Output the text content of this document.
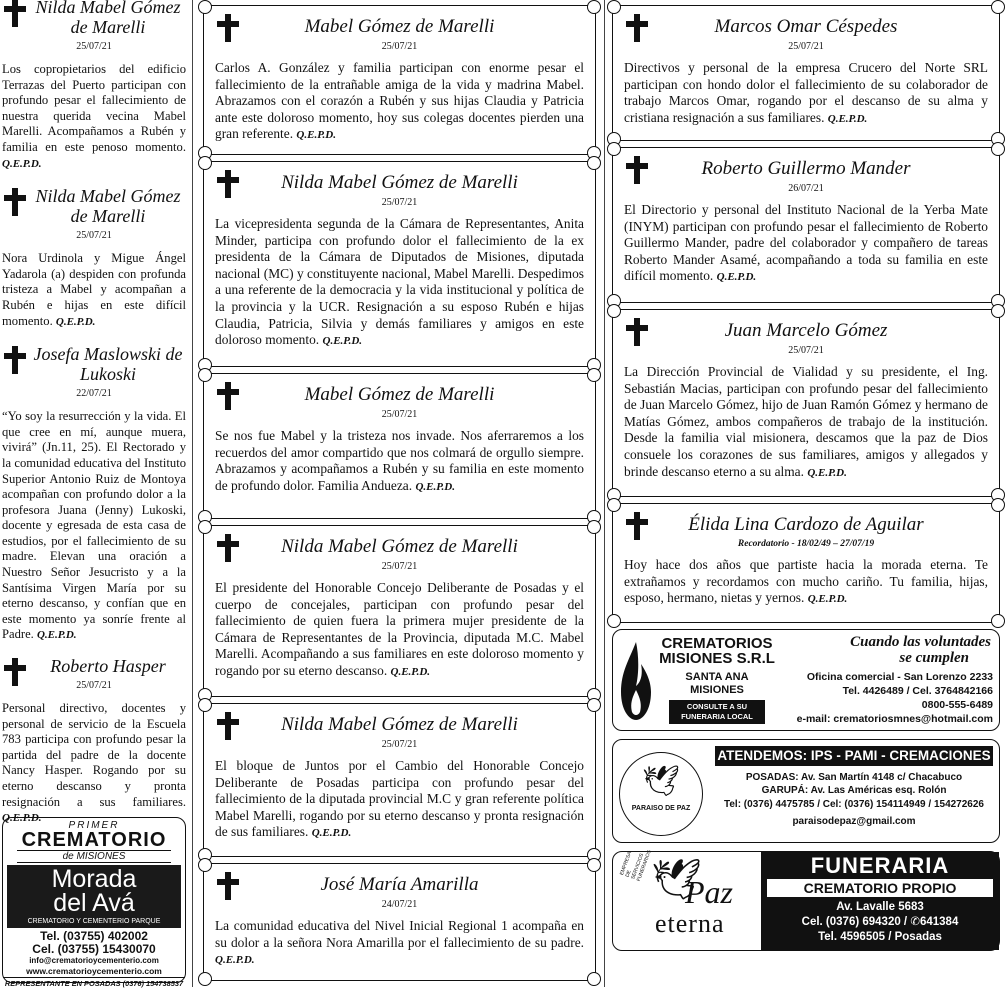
Nilda Mabel Gómez de Marelli
25/07/21
Los copropietarios del edificio Terrazas del Puerto participan con profundo pesar el fallecimiento de nuestra querida vecina Mabel Marelli. Acompañamos a Rubén y familia en este penoso momento. Q.E.P.D.
Nilda Mabel Gómez de Marelli
25/07/21
Nora Urdinola y Migue Ángel Yadarola (a) despiden con profunda tristeza a Mabel y acompañan a Rubén e hijas en este difícil momento. Q.E.P.D.
Josefa Maslowski de Lukoski
22/07/21
“Yo soy la resurrección y la vida. El que cree en mí, aunque muera, vivirá” (Jn.11, 25). El Rectorado y la comunidad educativa del Instituto Superior Antonio Ruiz de Montoya acompañan con profundo dolor a la profesora Juana (Jenny) Lukoski, docente y egresada de esta casa de estudios, por el fallecimiento de su madre. Elevan una oración a Nuestro Señor Jesucristo y a la Santísima Virgen María por su eterno descanso, y confían que en este momento ya sonríe frente al Padre. Q.E.P.D.
Roberto Hasper
25/07/21
Personal directivo, docentes y personal de servicio de la Escuela 783 participa con profundo pesar la partida del padre de la docente Nancy Hasper. Rogando por su eterno descanso y pronta resignación a sus familiares. Q.E.P.D.
PRIMER
CREMATORIO
de MISIONES
Morada
del Avá
CREMATORIO Y CEMENTERIO PARQUE
Tel. (03755) 402002
Cel. (03755) 15430070
info@crematorioycementerio.com
www.crematorioycementerio.com
REPRESENTANTE EN POSADAS (0376) 154738537
Mabel Gómez de Marelli
25/07/21
Carlos A. González y familia participan con enorme pesar el fallecimiento de la entrañable amiga de la vida y madrina Mabel. Abrazamos con el corazón a Rubén y sus hijas Claudia y Patricia ante este doloroso momento, hoy sus colegas docentes pierden una gran referente. Q.E.P.D.
Nilda Mabel Gómez de Marelli
25/07/21
La vicepresidenta segunda de la Cámara de Representantes, Anita Minder, participa con profundo dolor el fallecimiento de la ex presidenta de la Cámara de Diputados de Misiones, diputada nacional (MC) y constituyente nacional, Mabel Marelli. Despedimos a una referente de la democracia y la vida institucional y política de la provincia y la UCR. Resignación a su esposo Rubén e hijas Claudia, Patricia, Silvia y demás familiares y amigos en este doloroso momento. Q.E.P.D.
Mabel Gómez de Marelli
25/07/21
Se nos fue Mabel y la tristeza nos invade. Nos aferraremos a los recuerdos del amor compartido que nos colmará de orgullo siempre. Abrazamos y acompañamos a Rubén y su familia en este momento de profundo dolor. Familia Andueza. Q.E.P.D.
Nilda Mabel Gómez de Marelli
25/07/21
El presidente del Honorable Concejo Deliberante de Posadas y el cuerpo de concejales, participan con profundo pesar del fallecimiento de quien fuera la primera mujer presidente de la Cámara de Representantes de la Provincia, diputada M.C. Mabel Marelli. Acompañando a sus familiares en este doloroso momento y rogando por su eterno descanso. Q.E.P.D.
Nilda Mabel Gómez de Marelli
25/07/21
El bloque de Juntos por el Cambio del Honorable Concejo Deliberante de Posadas participa con profundo pesar del fallecimiento de la diputada provincial M.C y gran referente política Mabel Marelli, rogando por su eterno descanso y pronta resignación de sus familiares. Q.E.P.D.
José María Amarilla
24/07/21
La comunidad educativa del Nivel Inicial Regional 1 acompaña en su dolor a la señora Nora Amarilla por el fallecimiento de su padre. Q.E.P.D.
Marcos Omar Céspedes
25/07/21
Directivos y personal de la empresa Crucero del Norte SRL participan con hondo dolor el fallecimiento de su colaborador de trabajo Marcos Omar, rogando por el descanso de su alma y cristiana resignación a sus familiares. Q.E.P.D.
Roberto Guillermo Mander
26/07/21
El Directorio y personal del Instituto Nacional de la Yerba Mate (INYM) participan con profundo pesar el fallecimiento de Roberto Guillermo Mander, padre del colaborador y compañero de tareas Roberto Mander Asamé, acompañando a toda su familia en este difícil momento. Q.E.P.D.
Juan Marcelo Gómez
25/07/21
La Dirección Provincial de Vialidad y su presidente, el Ing. Sebastián Macias, participan con profundo pesar del fallecimiento de Juan Marcelo Gómez, hijo de Juan Ramón Gómez y hermano de Matías Gómez, ambos compañeros de trabajo de la institución. Desde la familia vial misionera, descamos que la paz de Dios consuele los corazones de sus familiares, amigos y allegados y brinde descanso eterno a su alma. Q.E.P.D.
Élida Lina Cardozo de Aguilar
Recordatorio - 18/02/49 – 27/07/19
Hoy hace dos años que partiste hacia la morada eterna. Te extrañamos y recordamos con mucho cariño. Tu familia, hijas, esposo, hermano, nietas y yernos. Q.E.P.D.
CREMATORIOS
MISIONES S.R.L
SANTA ANA
MISIONES
CONSULTE A SU
FUNERARIA LOCAL
Cuando las voluntades
se cumplen
Oficina comercial - San Lorenzo 2233
Tel. 4426489 / Cel. 3764842166
0800-555-6489
e-mail: crematoriosmnes@hotmail.com
🕊
PARAISO DE PAZ
ATENDEMOS: IPS - PAMI - CREMACIONES
POSADAS: Av. San Martín 4148 c/ Chacabuco
GARUPÁ: Av. Las Américas esq. Rolón
Tel: (0376) 4475785 / Cel: (0376) 154114949 / 154272626
paraisodepaz@gmail.com
EMPRESA DE SERVICIOS FUNERARIOS
🕊
Paz
eterna
FUNERARIA
CREMATORIO PROPIO
Av. Lavalle 5683
Cel. (0376) 694320 / ✆641384
Tel. 4596505 / Posadas
